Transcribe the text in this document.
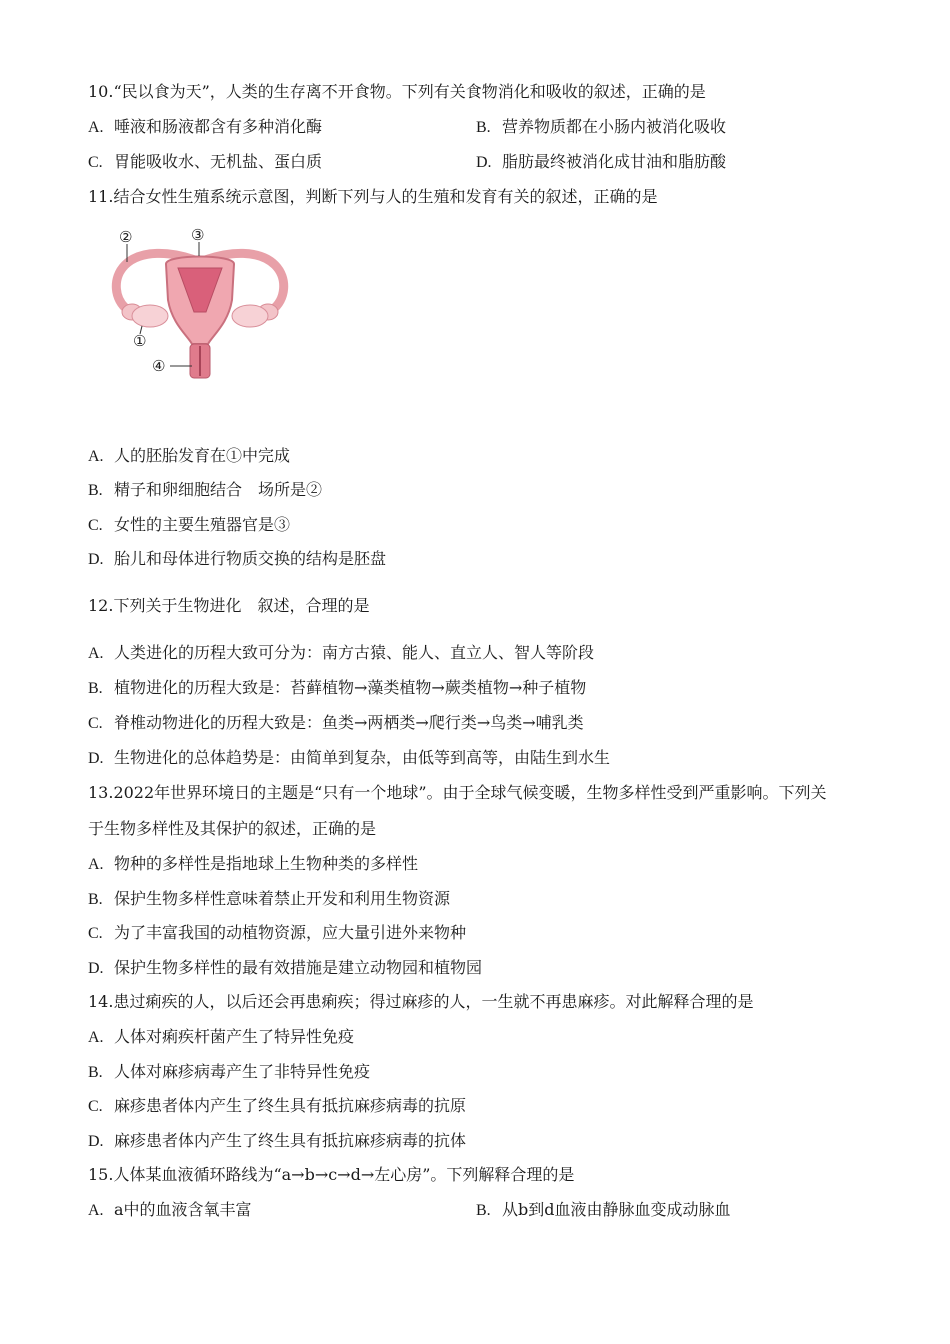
10.“民以食为天”，人类的生存离不开食物。下列有关食物消化和吸收的叙述，正确的是
A. 唾液和肠液都含有多种消化酶	B. 营养物质都在小肠内被消化吸收
C. 胃能吸收水、无机盐、蛋白质	D. 脂肪最终被消化成甘油和脂肪酸
11.结合女性生殖系统示意图，判断下列与人的生殖和发育有关的叙述，正确的是
②	③
①
④
A. 人的胚胎发育在①中完成
B. 精子和卵细胞结合　场所是②
C. 女性的主要生殖器官是③
D. 胎儿和母体进行物质交换的结构是胚盘
12.下列关于生物进化　叙述，合理的是
A. 人类进化的历程大致可分为：南方古猿、能人、直立人、智人等阶段
B. 植物进化的历程大致是：苔藓植物→藻类植物→蕨类植物→种子植物
C. 脊椎动物进化的历程大致是：鱼类→两栖类→爬行类→鸟类→哺乳类
D. 生物进化的总体趋势是：由简单到复杂，由低等到高等，由陆生到水生
13.2022年世界环境日的主题是“只有一个地球”。由于全球气候变暖，生物多样性受到严重影响。下列关
于生物多样性及其保护的叙述，正确的是
A. 物种的多样性是指地球上生物种类的多样性
B. 保护生物多样性意味着禁止开发和利用生物资源
C. 为了丰富我国的动植物资源，应大量引进外来物种
D. 保护生物多样性的最有效措施是建立动物园和植物园
14.患过痢疾的人，以后还会再患痢疾；得过麻疹的人，一生就不再患麻疹。对此解释合理的是
A. 人体对痢疾杆菌产生了特异性免疫
B. 人体对麻疹病毒产生了非特异性免疫
C. 麻疹患者体内产生了终生具有抵抗麻疹病毒的抗原
D. 麻疹患者体内产生了终生具有抵抗麻疹病毒的抗体
15.人体某血液循环路线为“a→b→c→d→左心房”。下列解释合理的是
A. a中的血液含氧丰富	B. 从b到d血液由静脉血变成动脉血
